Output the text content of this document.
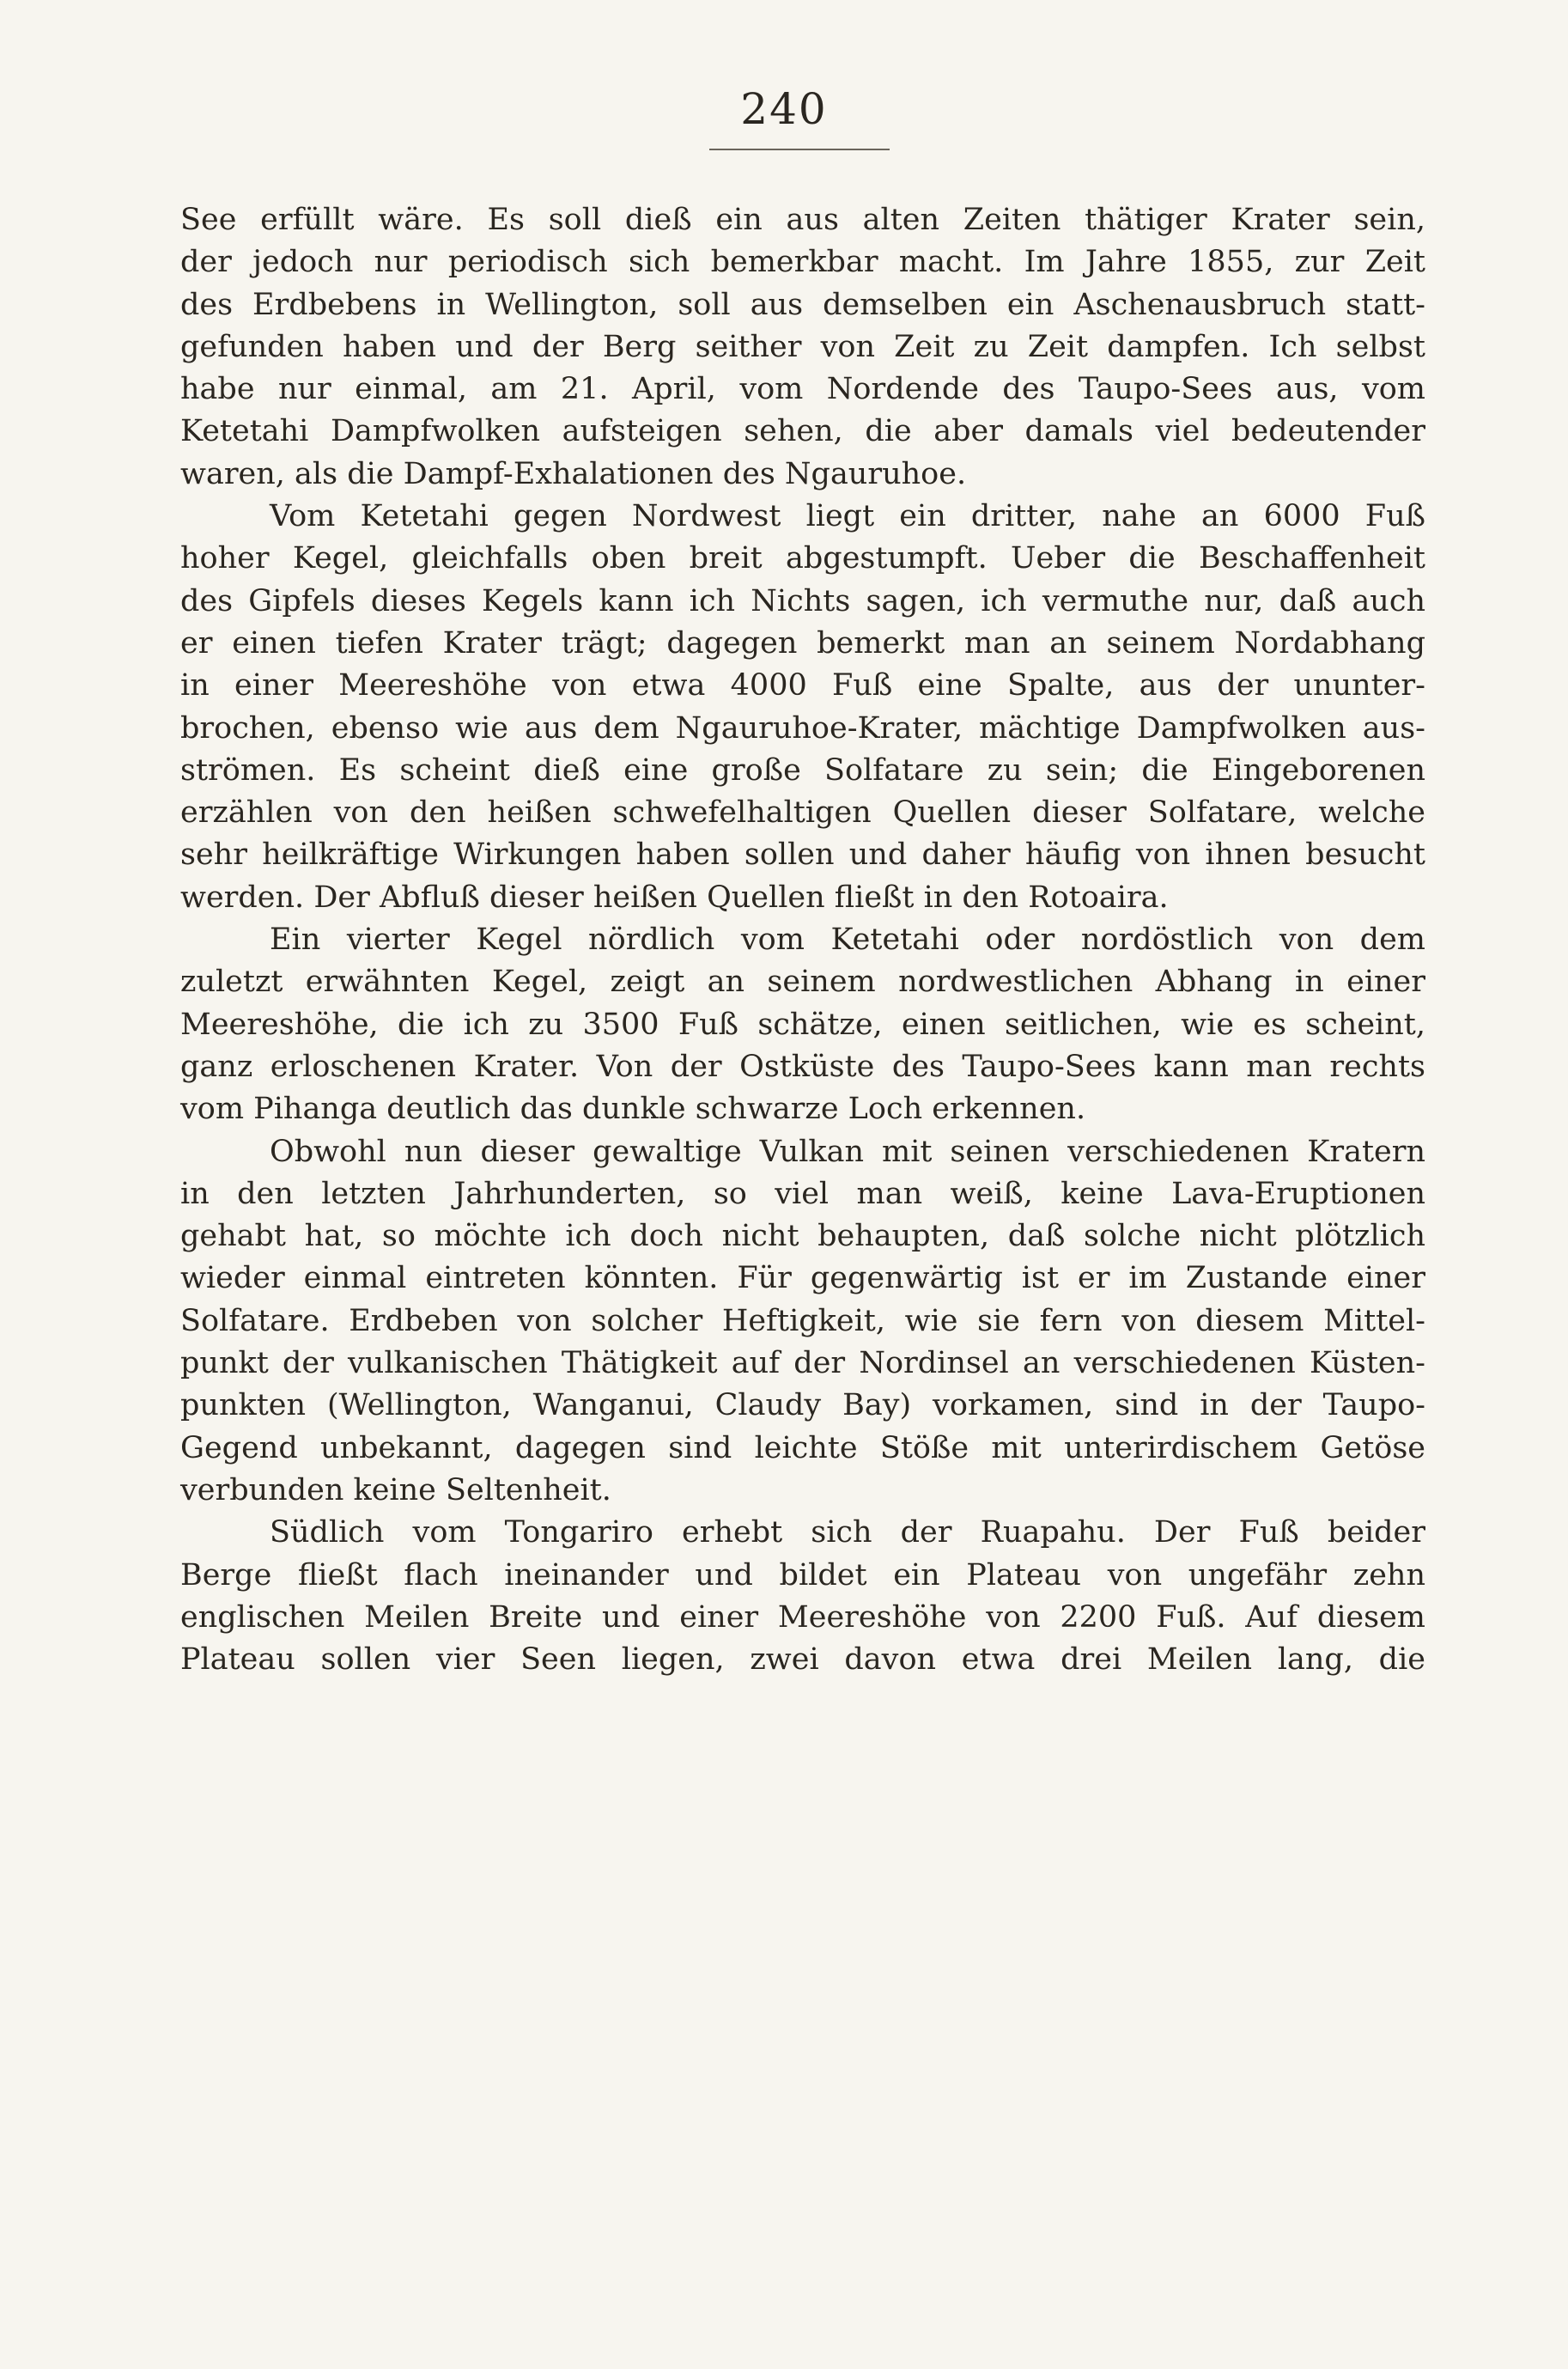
240
See erfüllt wäre. Es soll dieß ein aus alten Zeiten thätiger Krater sein,
der jedoch nur periodisch sich bemerkbar macht. Im Jahre 1855, zur Zeit
des Erdbebens in Wellington, soll aus demselben ein Aschenausbruch statt-
gefunden haben und der Berg seither von Zeit zu Zeit dampfen. Ich selbst
habe nur einmal, am 21. April, vom Nordende des Taupo-Sees aus, vom
Ketetahi Dampfwolken aufsteigen sehen, die aber damals viel bedeutender
waren, als die Dampf-Exhalationen des Ngauruhoe.
Vom Ketetahi gegen Nordwest liegt ein dritter, nahe an 6000 Fuß
hoher Kegel, gleichfalls oben breit abgestumpft. Ueber die Beschaffenheit
des Gipfels dieses Kegels kann ich Nichts sagen, ich vermuthe nur, daß auch
er einen tiefen Krater trägt; dagegen bemerkt man an seinem Nordabhang
in einer Meereshöhe von etwa 4000 Fuß eine Spalte, aus der ununter-
brochen, ebenso wie aus dem Ngauruhoe-Krater, mächtige Dampfwolken aus-
strömen. Es scheint dieß eine große Solfatare zu sein; die Eingeborenen
erzählen von den heißen schwefelhaltigen Quellen dieser Solfatare, welche
sehr heilkräftige Wirkungen haben sollen und daher häufig von ihnen besucht
werden. Der Abfluß dieser heißen Quellen fließt in den Rotoaira.
Ein vierter Kegel nördlich vom Ketetahi oder nordöstlich von dem
zuletzt erwähnten Kegel, zeigt an seinem nordwestlichen Abhang in einer
Meereshöhe, die ich zu 3500 Fuß schätze, einen seitlichen, wie es scheint,
ganz erloschenen Krater. Von der Ostküste des Taupo-Sees kann man rechts
vom Pihanga deutlich das dunkle schwarze Loch erkennen.
Obwohl nun dieser gewaltige Vulkan mit seinen verschiedenen Kratern
in den letzten Jahrhunderten, so viel man weiß, keine Lava-Eruptionen
gehabt hat, so möchte ich doch nicht behaupten, daß solche nicht plötzlich
wieder einmal eintreten könnten. Für gegenwärtig ist er im Zustande einer
Solfatare. Erdbeben von solcher Heftigkeit, wie sie fern von diesem Mittel-
punkt der vulkanischen Thätigkeit auf der Nordinsel an verschiedenen Küsten-
punkten (Wellington, Wanganui, Claudy Bay) vorkamen, sind in der Taupo-
Gegend unbekannt, dagegen sind leichte Stöße mit unterirdischem Getöse
verbunden keine Seltenheit.
Südlich vom Tongariro erhebt sich der Ruapahu. Der Fuß beider
Berge fließt flach ineinander und bildet ein Plateau von ungefähr zehn
englischen Meilen Breite und einer Meereshöhe von 2200 Fuß. Auf diesem
Plateau sollen vier Seen liegen, zwei davon etwa drei Meilen lang, die
